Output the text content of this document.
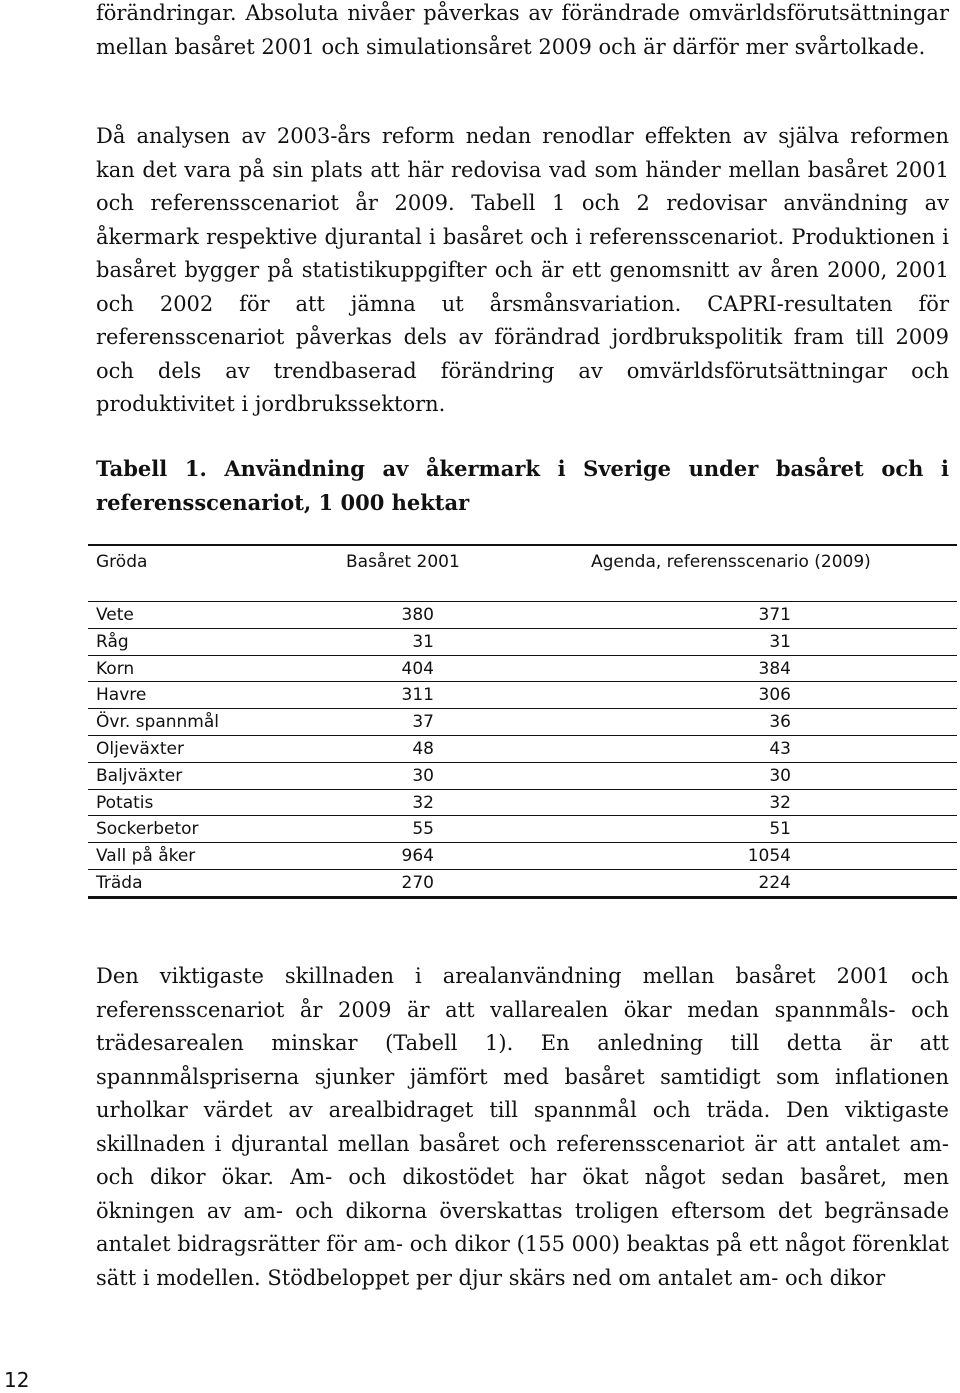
förändringar. Absoluta nivåer påverkas av förändrade omvärldsförutsättningar mellan basåret 2001 och simulationsåret 2009 och är därför mer svårtolkade.

Då analysen av 2003-års reform nedan renodlar effekten av själva reformen kan det vara på sin plats att här redovisa vad som händer mellan basåret 2001 och referensscenariot år 2009. Tabell 1 och 2 redovisar användning av åkermark respektive djurantal i basåret och i referensscenariot. Produktionen i basåret bygger på statistikuppgifter och är ett genomsnitt av åren 2000, 2001 och 2002 för att jämna ut årsmånsvariation. CAPRI-resultaten för referensscenariot påverkas dels av förändrad jordbrukspolitik fram till 2009 och dels av trendbaserad förändring av omvärldsförutsättningar och produktivitet i jordbrukssektorn.

Tabell 1. Användning av åkermark i Sverige under basåret och i referensscenariot, 1 000 hektar

Gröda	Basåret 2001	Agenda, referensscenario (2009)
Vete	380	371
Råg	31	31
Korn	404	384
Havre	311	306
Övr. spannmål	37	36
Oljeväxter	48	43
Baljväxter	30	30
Potatis	32	32
Sockerbetor	55	51
Vall på åker	964	1054
Träda	270	224

Den viktigaste skillnaden i arealanvändning mellan basåret 2001 och referensscenariot år 2009 är att vallarealen ökar medan spannmåls- och trädesarealen minskar (Tabell 1). En anledning till detta är att spannmålspriserna sjunker jämfört med basåret samtidigt som inflationen urholkar värdet av arealbidraget till spannmål och träda. Den viktigaste skillnaden i djurantal mellan basåret och referensscenariot är att antalet am- och dikor ökar. Am- och dikostödet har ökat något sedan basåret, men ökningen av am- och dikorna överskattas troligen eftersom det begränsade antalet bidragsrätter för am- och dikor (155 000) beaktas på ett något förenklat sätt i modellen. Stödbeloppet per djur skärs ned om antalet am- och dikor

12
